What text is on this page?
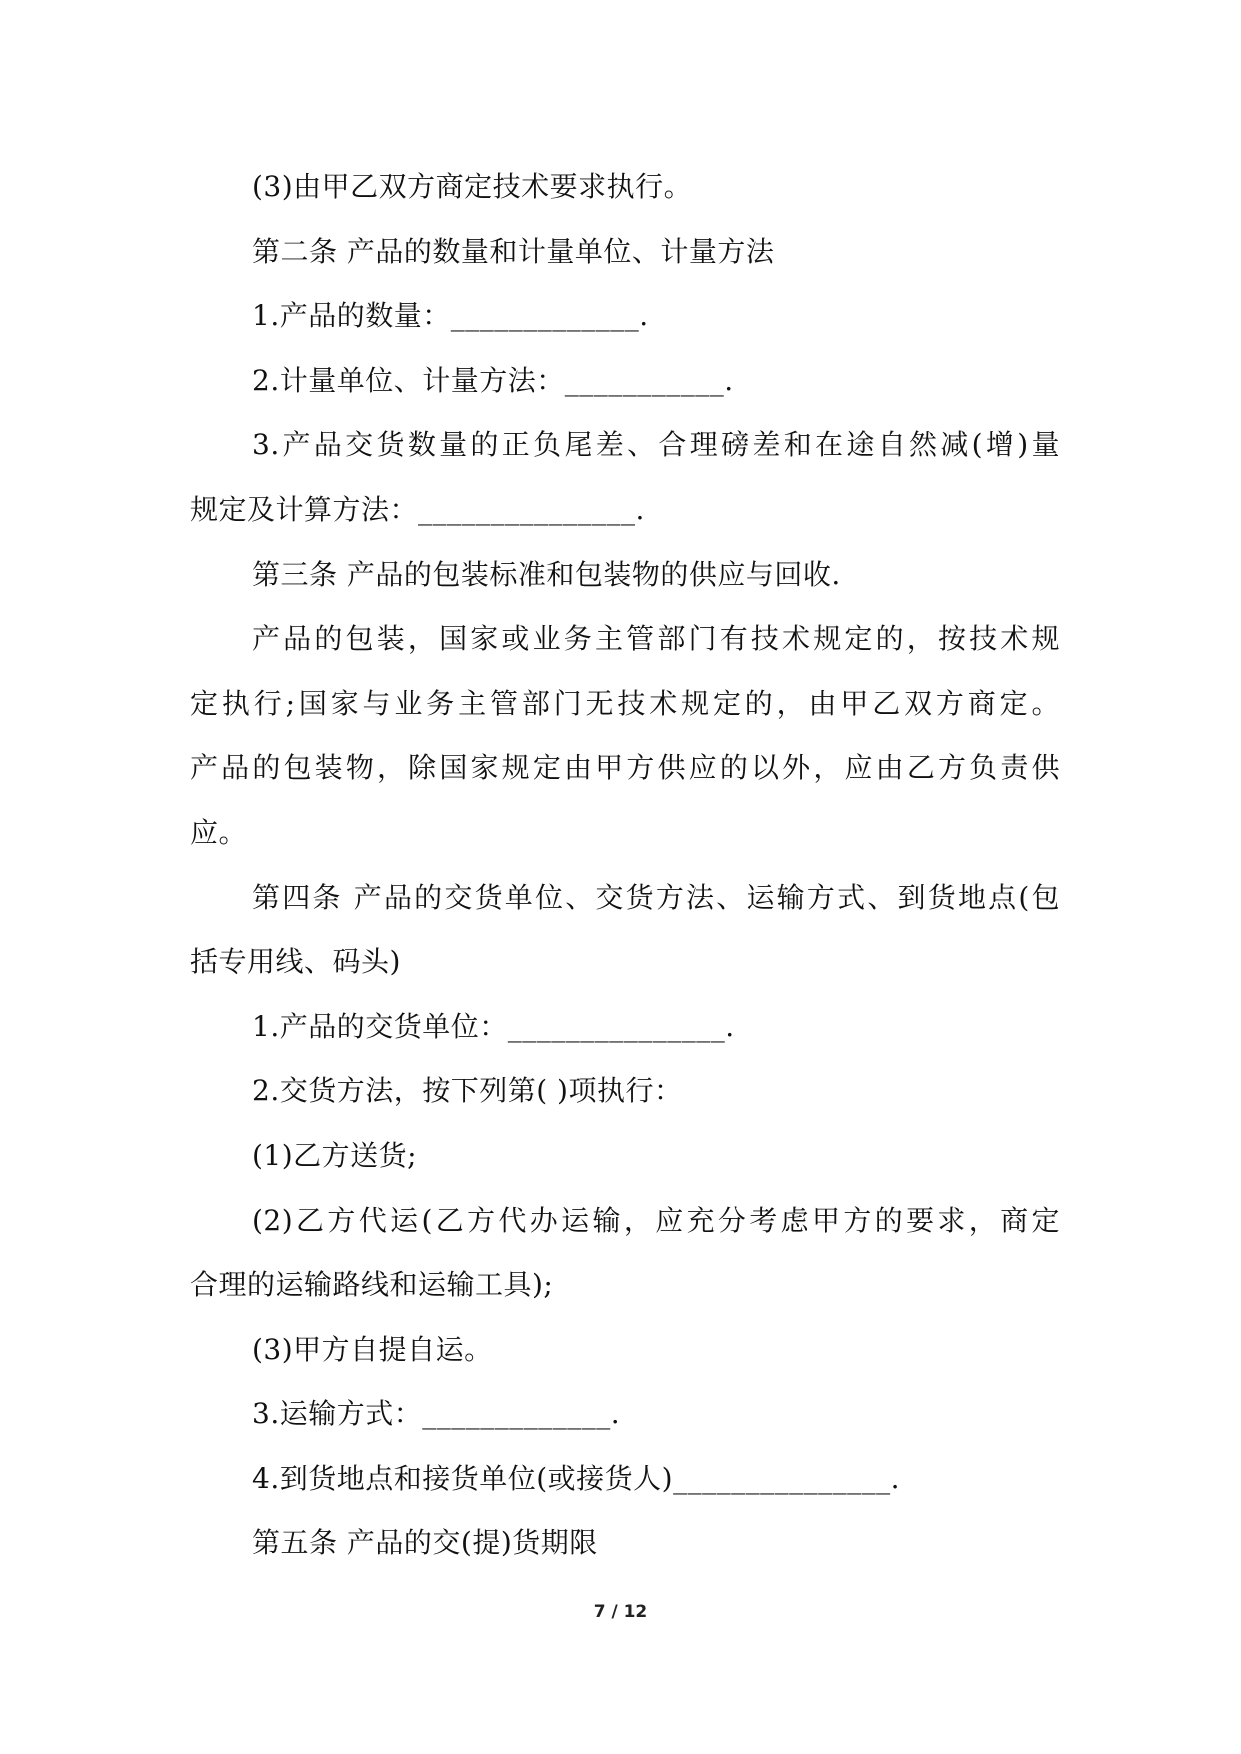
(3)由甲乙双方商定技术要求执行。
第二条 产品的数量和计量单位、计量方法
1.产品的数量：_____________.
2.计量单位、计量方法：___________.
3.产品交货数量的正负尾差、合理磅差和在途自然减(增)量
规定及计算方法：_______________.
第三条 产品的包装标准和包装物的供应与回收.
产品的包装，国家或业务主管部门有技术规定的，按技术规
定执行;国家与业务主管部门无技术规定的，由甲乙双方商定。
产品的包装物，除国家规定由甲方供应的以外，应由乙方负责供
应。
第四条 产品的交货单位、交货方法、运输方式、到货地点(包
括专用线、码头)
1.产品的交货单位：_______________.
2.交货方法，按下列第( )项执行：
(1)乙方送货;
(2)乙方代运(乙方代办运输，应充分考虑甲方的要求，商定
合理的运输路线和运输工具);
(3)甲方自提自运。
3.运输方式：_____________.
4.到货地点和接货单位(或接货人)_______________.
第五条 产品的交(提)货期限
7 / 12
